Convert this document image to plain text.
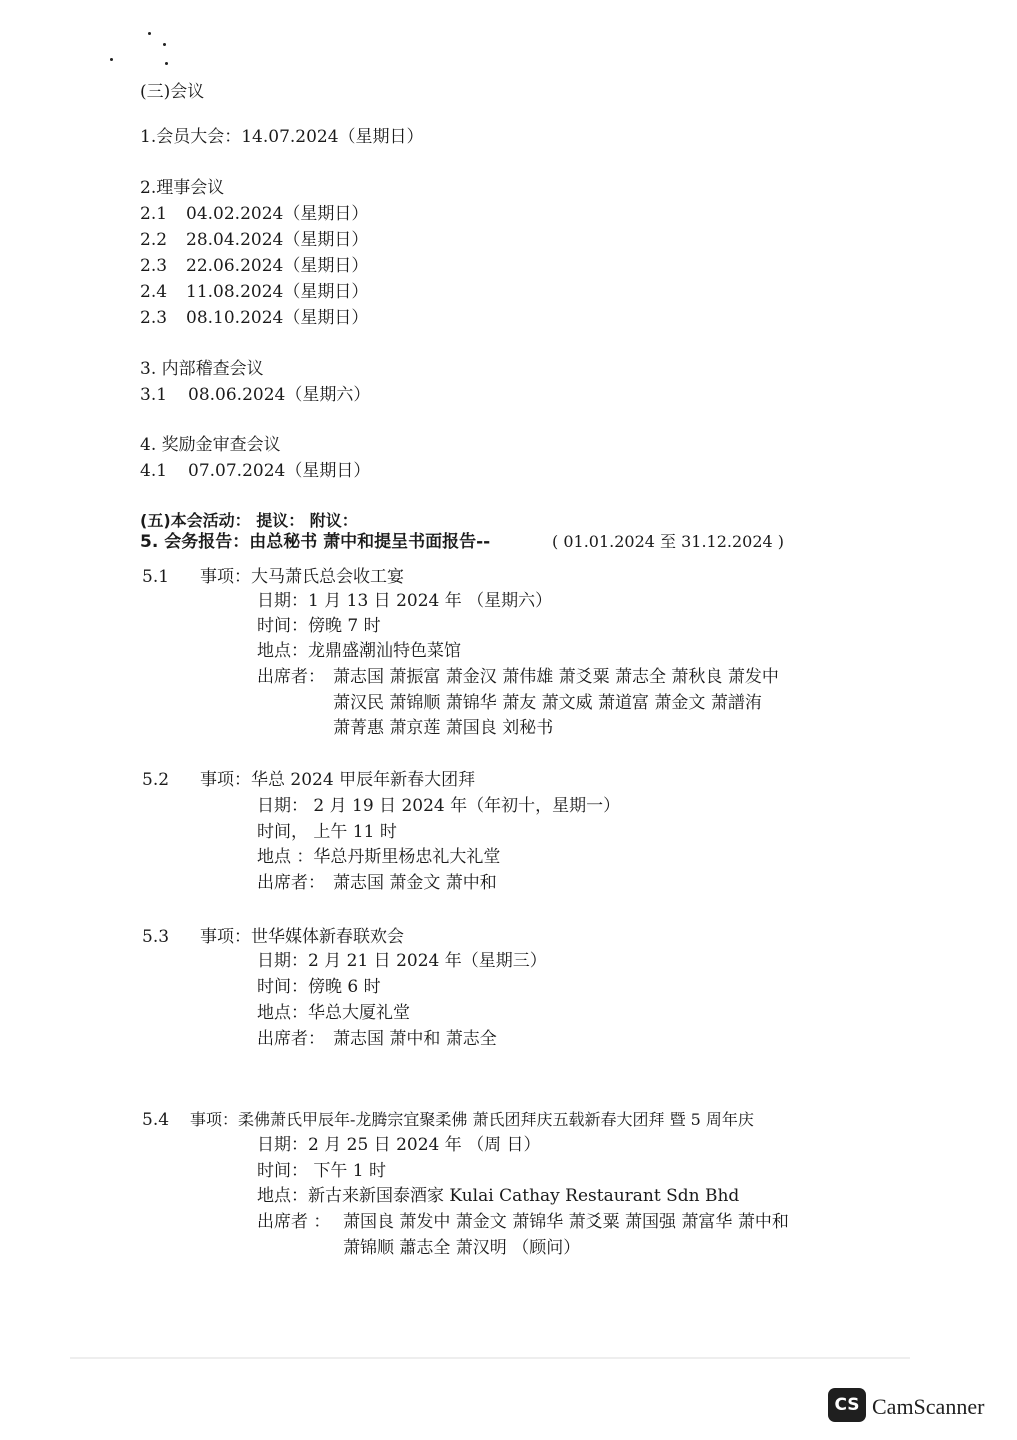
(三)会议
1.会员大会：14.07.2024（星期日）
2.理事会议
2.1 04.02.2024（星期日）
2.2 28.04.2024（星期日）
2.3 22.06.2024（星期日）
2.4 11.08.2024（星期日）
2.3 08.10.2024（星期日）
3. 内部稽查会议
3.1 08.06.2024（星期六）
4. 奖励金审查会议
4.1 07.07.2024（星期日）
(五)本会活动： 提议： 附议：
5. 会务报告：由总秘书 萧中和提呈书面报告--	( 01.01.2024 至 31.12.2024 )
5.1 事项：大马萧氏总会收工宴
日期：1 月 13 日 2024 年 （星期六）
时间：傍晚 7 时
地点：龙鼎盛潮汕特色菜馆
出席者： 萧志国 萧振富 萧金汉 萧伟雄 萧爻粟 萧志全 萧秋良 萧发中
萧汉民 萧锦顺 萧锦华 萧友 萧文威 萧道富 萧金文 萧譜洧
萧菁惠 萧京莲 萧国良 刘秘书
5.2 事项：华总 2024 甲辰年新春大团拜
日期： 2 月 19 日 2024 年（年初十，星期一）
时间， 上午 11 时
地点 ：华总丹斯里杨忠礼大礼堂
出席者： 萧志国 萧金文 萧中和
5.3 事项：世华媒体新春联欢会
日期：2 月 21 日 2024 年（星期三）
时间：傍晚 6 时
地点：华总大厦礼堂
出席者： 萧志国 萧中和 萧志全
5.4 事项：柔佛萧氏甲辰年-龙腾宗宜聚柔佛 萧氏团拜庆五载新春大团拜 暨 5 周年庆
日期：2 月 25 日 2024 年 （周 日）
时间： 下午 1 时
地点：新古来新国泰酒家 Kulai Cathay Restaurant Sdn Bhd
出席者 ： 萧国良 萧发中 萧金文 萧锦华 萧爻粟 萧国强 萧富华 萧中和
萧锦顺 蕭志全 萧汉明 （顾问）
CS CamScanner
